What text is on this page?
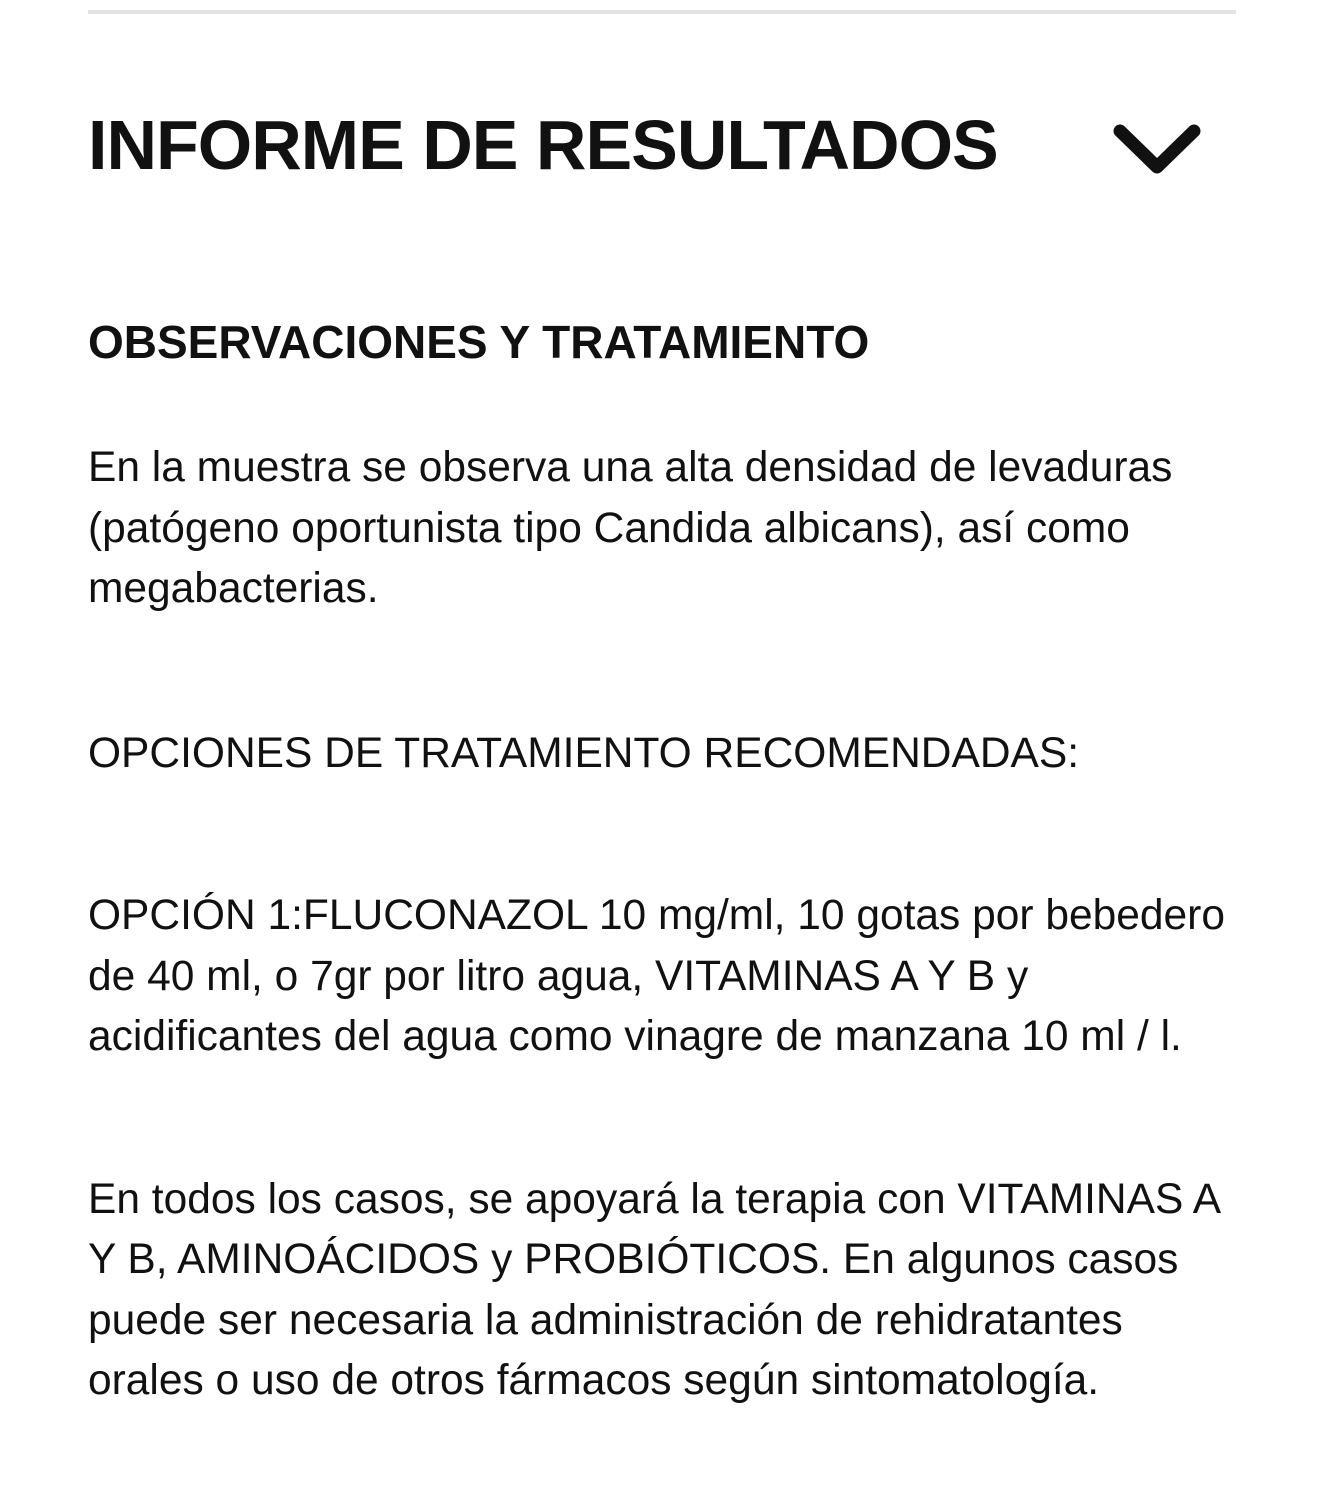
INFORME DE RESULTADOS
OBSERVACIONES Y TRATAMIENTO

En la muestra se observa una alta densidad de levaduras (patógeno oportunista tipo Candida albicans), así como megabacterias.

OPCIONES DE TRATAMIENTO RECOMENDADAS:

OPCIÓN 1:FLUCONAZOL 10 mg/ml, 10 gotas por bebedero de 40 ml, o 7gr por litro agua, VITAMINAS A Y B y acidificantes del agua como vinagre de manzana 10 ml / l.

En todos los casos, se apoyará la terapia con VITAMINAS A Y B, AMINOÁCIDOS y PROBIÓTICOS. En algunos casos puede ser necesaria la administración de rehidratantes orales o uso de otros fármacos según sintomatología.
